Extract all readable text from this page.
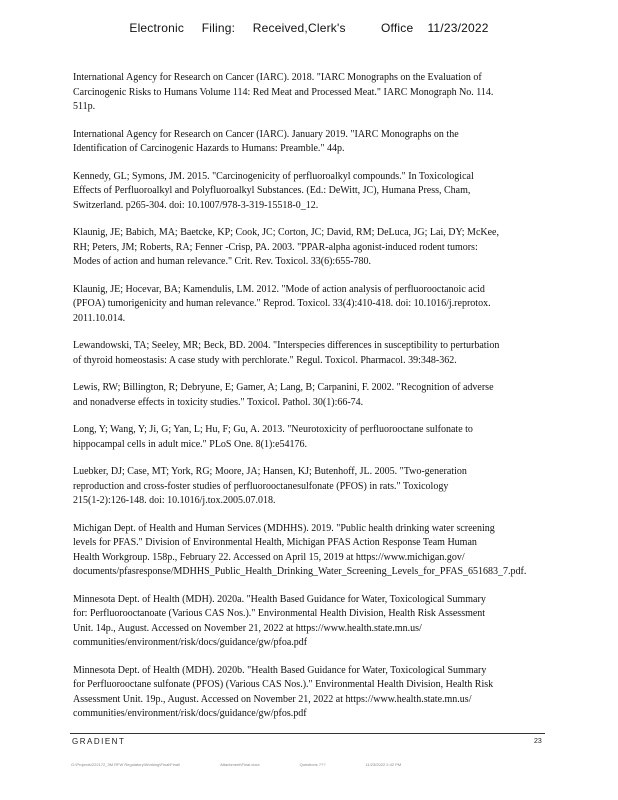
Electronic     Filing:     Received,Clerk's          Office    11/23/2022
International Agency for Research on Cancer (IARC). 2018. "IARC Monographs on the Evaluation of
Carcinogenic Risks to Humans Volume 114: Red Meat and Processed Meat." IARC Monograph No. 114.
511p.
International Agency for Research on Cancer (IARC). January 2019. "IARC Monographs on the
Identification of Carcinogenic Hazards to Humans: Preamble." 44p.
Kennedy, GL; Symons, JM. 2015. "Carcinogenicity of perfluoroalkyl compounds." In Toxicological
Effects of Perfluoroalkyl and Polyfluoroalkyl Substances. (Ed.: DeWitt, JC), Humana Press, Cham,
Switzerland. p265-304. doi: 10.1007/978-3-319-15518-0_12.
Klaunig, JE; Babich, MA; Baetcke, KP; Cook, JC; Corton, JC; David, RM; DeLuca, JG; Lai, DY; McKee,
RH; Peters, JM; Roberts, RA; Fenner -Crisp, PA. 2003. "PPAR-alpha agonist-induced rodent tumors:
Modes of action and human relevance." Crit. Rev. Toxicol. 33(6):655-780.
Klaunig, JE; Hocevar, BA; Kamendulis, LM. 2012. "Mode of action analysis of perfluorooctanoic acid
(PFOA) tumorigenicity and human relevance." Reprod. Toxicol. 33(4):410-418. doi: 10.1016/j.reprotox.
2011.10.014.
Lewandowski, TA; Seeley, MR; Beck, BD. 2004. "Interspecies differences in susceptibility to perturbation
of thyroid homeostasis: A case study with perchlorate." Regul. Toxicol. Pharmacol. 39:348-362.
Lewis, RW; Billington, R; Debryune, E; Gamer, A; Lang, B; Carpanini, F. 2002. "Recognition of adverse
and nonadverse effects in toxicity studies." Toxicol. Pathol. 30(1):66-74.
Long, Y; Wang, Y; Ji, G; Yan, L; Hu, F; Gu, A. 2013. "Neurotoxicity of perfluorooctane sulfonate to
hippocampal cells in adult mice." PLoS One. 8(1):e54176.
Luebker, DJ; Case, MT; York, RG; Moore, JA; Hansen, KJ; Butenhoff, JL. 2005. "Two-generation
reproduction and cross-foster studies of perfluorooctanesulfonate (PFOS) in rats." Toxicology
215(1-2):126-148. doi: 10.1016/j.tox.2005.07.018.
Michigan Dept. of Health and Human Services (MDHHS). 2019. "Public health drinking water screening
levels for PFAS." Division of Environmental Health, Michigan PFAS Action Response Team Human
Health Workgroup. 158p., February 22. Accessed on April 15, 2019 at https://www.michigan.gov/
documents/pfasresponse/MDHHS_Public_Health_Drinking_Water_Screening_Levels_for_PFAS_651683_7.pdf.
Minnesota Dept. of Health (MDH). 2020a. "Health Based Guidance for Water, Toxicological Summary
for: Perfluorooctanoate (Various CAS Nos.)." Environmental Health Division, Health Risk Assessment
Unit. 14p., August. Accessed on November 21, 2022 at https://www.health.state.mn.us/
communities/environment/risk/docs/guidance/gw/pfoa.pdf
Minnesota Dept. of Health (MDH). 2020b. "Health Based Guidance for Water, Toxicological Summary
for Perfluorooctane sulfonate (PFOS) (Various CAS Nos.)." Environmental Health Division, Health Risk
Assessment Unit. 19p., August. Accessed on November 21, 2022 at https://www.health.state.mn.us/
communities/environment/risk/docs/guidance/gw/pfos.pdf
GRADIENT	23
G:\Projects\222172_3M RFW Regulatory\Working\Final\Final\	Attachment\Final.docx	Questions ???	11/23/2022 2:42 PM
